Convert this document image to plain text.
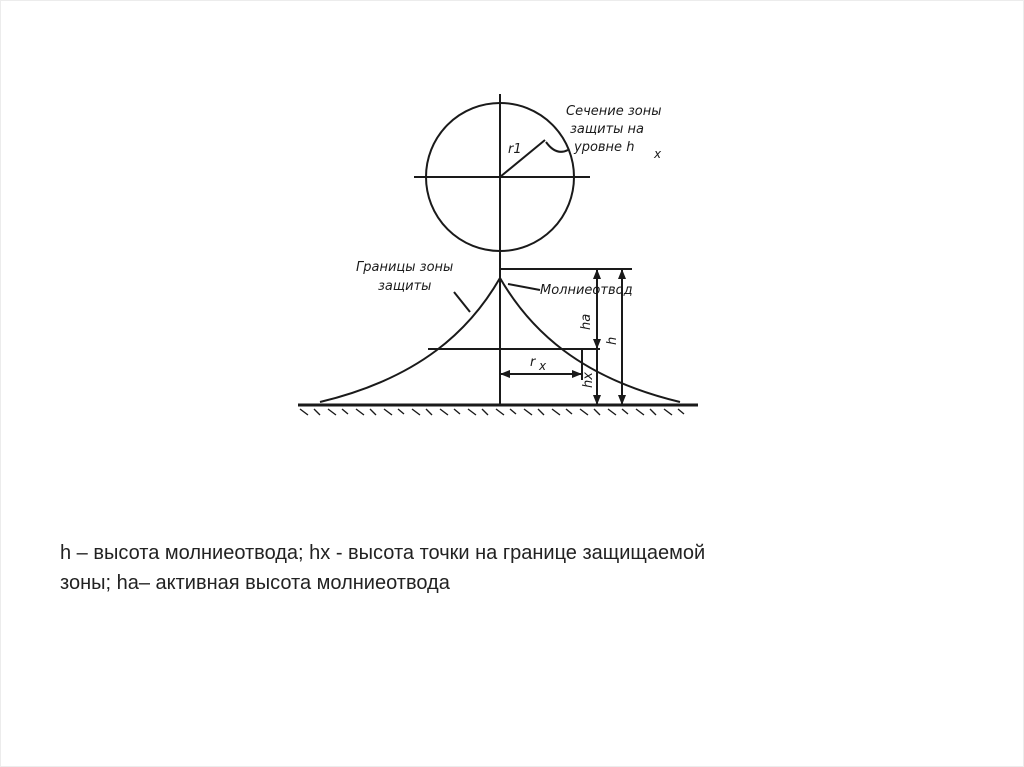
Сечение зоны
защиты на
уровне h x
r1
Границы зоны
защиты	Молниеотвод
ha
h
hx
r x
h – высота молниеотвода; hx - высота точки на границе защищаемой
зоны; ha– активная высота молниеотвода
